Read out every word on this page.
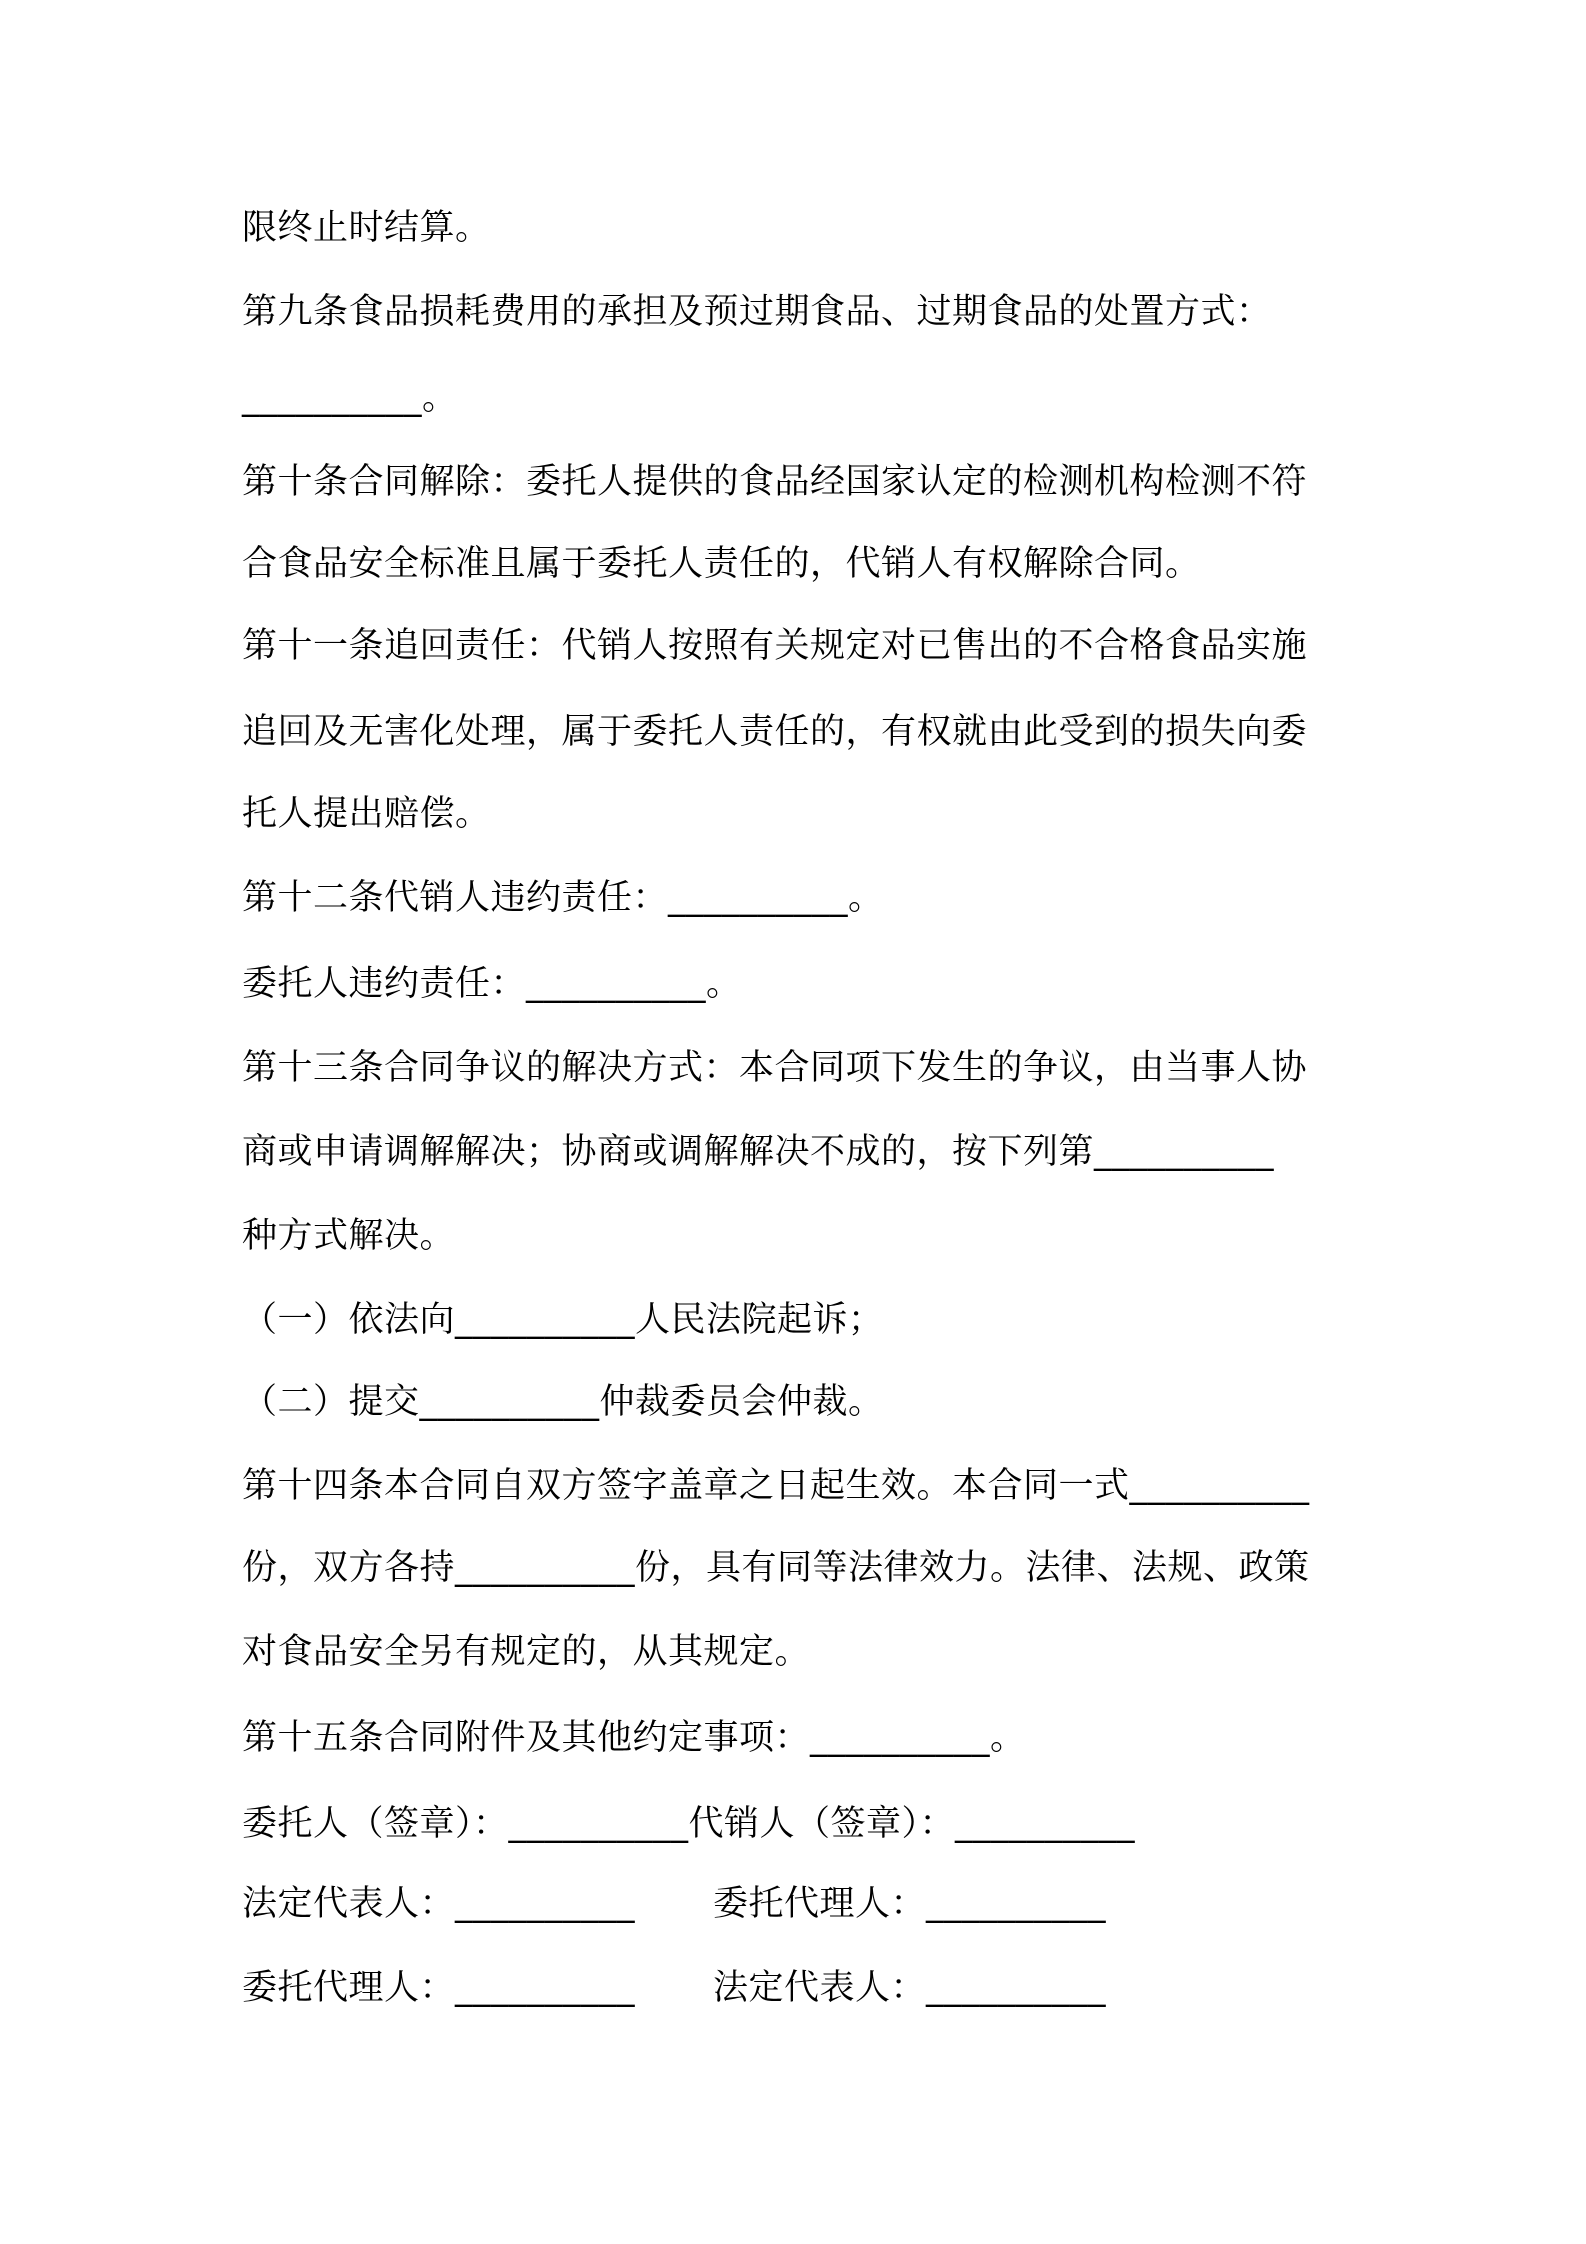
限终止时结算。
第九条食品损耗费用的承担及预过期食品、过期食品的处置方式：
__________。
第十条合同解除：委托人提供的食品经国家认定的检测机构检测不符
合食品安全标准且属于委托人责任的，代销人有权解除合同。
第十一条追回责任：代销人按照有关规定对已售出的不合格食品实施
追回及无害化处理，属于委托人责任的，有权就由此受到的损失向委
托人提出赔偿。
第十二条代销人违约责任：__________。
委托人违约责任：__________。
第十三条合同争议的解决方式：本合同项下发生的争议，由当事人协
商或申请调解解决；协商或调解解决不成的，按下列第__________
种方式解决。
（一）依法向__________人民法院起诉；
（二）提交__________仲裁委员会仲裁。
第十四条本合同自双方签字盖章之日起生效。本合同一式__________
份，双方各持__________份，具有同等法律效力。法律、法规、政策
对食品安全另有规定的，从其规定。
第十五条合同附件及其他约定事项：__________。
委托人（签章）：__________代销人（签章）：__________
法定代表人：__________	委托代理人：__________
委托代理人：__________	法定代表人：__________
